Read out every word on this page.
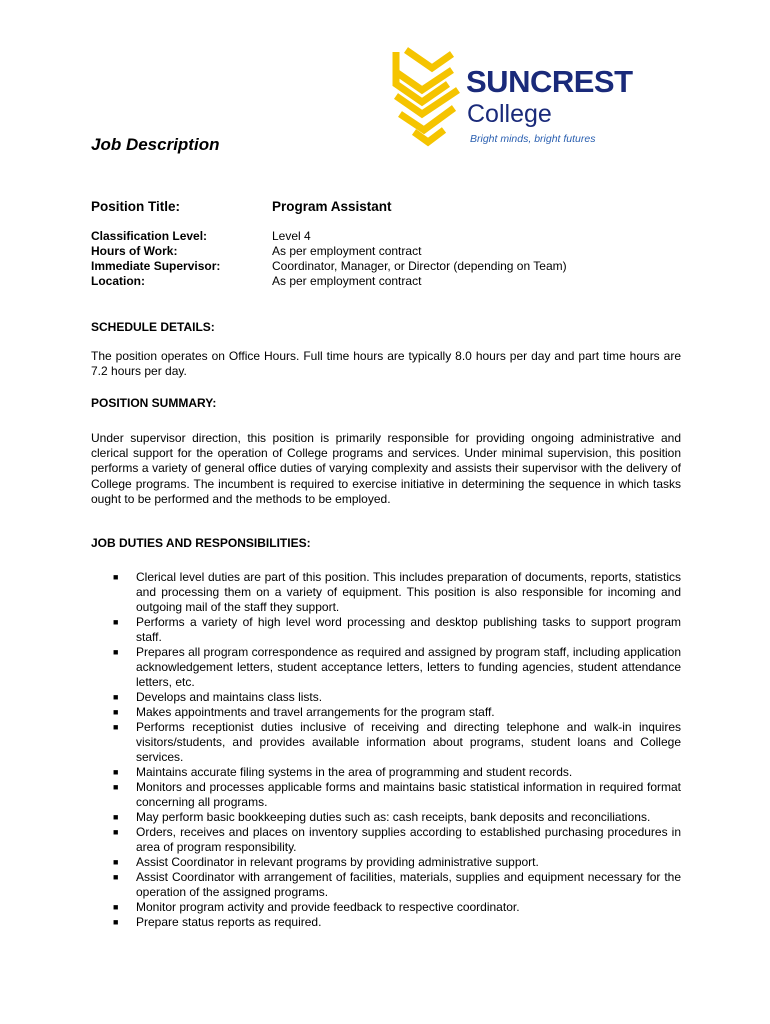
SUNCREST
College
Bright minds, bright futures
Job Description
Position Title:	Program Assistant
Classification Level:	Level 4
Hours of Work:	As per employment contract
Immediate Supervisor:	Coordinator, Manager, or Director (depending on Team)
Location:	As per employment contract
SCHEDULE DETAILS:
The position operates on Office Hours. Full time hours are typically 8.0 hours per day and part time hours are 7.2 hours per day.
POSITION SUMMARY:
Under supervisor direction, this position is primarily responsible for providing ongoing administrative and clerical support for the operation of College programs and services. Under minimal supervision, this position performs a variety of general office duties of varying complexity and assists their supervisor with the delivery of College programs. The incumbent is required to exercise initiative in determining the sequence in which tasks ought to be performed and the methods to be employed.
JOB DUTIES AND RESPONSIBILITIES:
■ Clerical level duties are part of this position. This includes preparation of documents, reports, statistics and processing them on a variety of equipment. This position is also responsible for incoming and outgoing mail of the staff they support.
■ Performs a variety of high level word processing and desktop publishing tasks to support program staff.
■ Prepares all program correspondence as required and assigned by program staff, including application acknowledgement letters, student acceptance letters, letters to funding agencies, student attendance letters, etc.
■ Develops and maintains class lists.
■ Makes appointments and travel arrangements for the program staff.
■ Performs receptionist duties inclusive of receiving and directing telephone and walk-in inquires visitors/students, and provides available information about programs, student loans and College services.
■ Maintains accurate filing systems in the area of programming and student records.
■ Monitors and processes applicable forms and maintains basic statistical information in required format concerning all programs.
■ May perform basic bookkeeping duties such as: cash receipts, bank deposits and reconciliations.
■ Orders, receives and places on inventory supplies according to established purchasing procedures in area of program responsibility.
■ Assist Coordinator in relevant programs by providing administrative support.
■ Assist Coordinator with arrangement of facilities, materials, supplies and equipment necessary for the operation of the assigned programs.
■ Monitor program activity and provide feedback to respective coordinator.
■ Prepare status reports as required.
